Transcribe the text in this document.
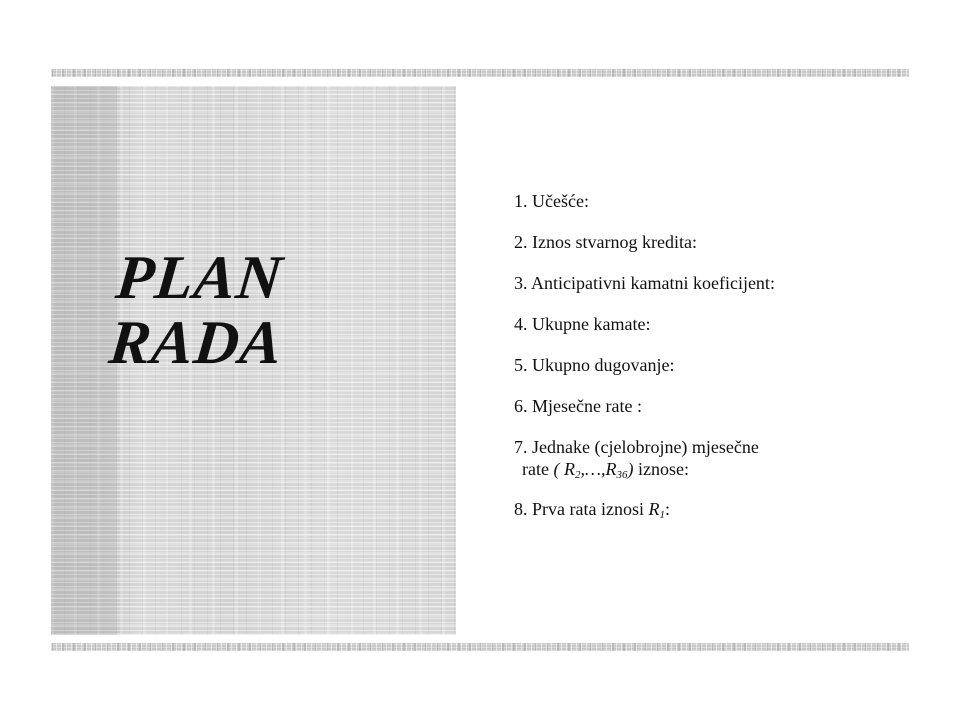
PLAN
RADA
1. Učešće:
2. Iznos stvarnog kredita:
3. Anticipativni kamatni koeficijent:
4. Ukupne kamate:
5. Ukupno dugovanje:
6. Mjesečne rate :
7. Jednake (cjelobrojne) mjesečne
rate ( $R_2,\dots,R_{36}$) iznose:
8. Prva rata iznosi $R_1$:
